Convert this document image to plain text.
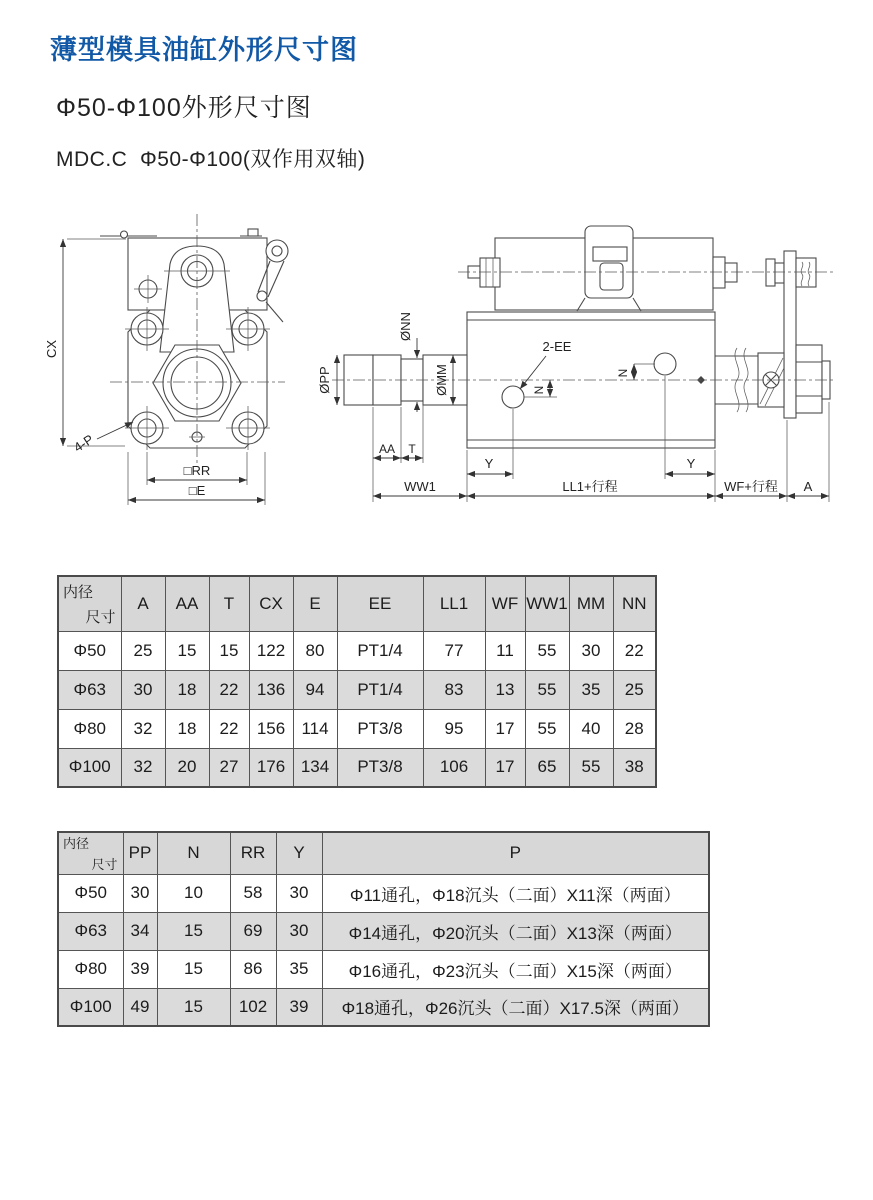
薄型模具油缸外形尺寸图
Φ50-Φ100外形尺寸图
MDC.C  Φ50-Φ100(双作用双轴)
CX
4-P
□RR
□E
ØPP
ØNN
ØMM
2-EE
N
N
AA T
Y	Y
WW1	LL1+行程	WF+行程 A
尺寸
内径	A	AA	T	CX	E	EE	LL1	WF	WW1	MM	NN
Φ50	25	15	15	122	80	PT1/4	77	11	55	30	22
Φ63	30	18	22	136	94	PT1/4	83	13	55	35	25
Φ80	32	18	22	156	114	PT3/8	95	17	55	40	28
Φ100	32	20	27	176	134	PT3/8	106	17	65	55	38
尺寸
内径	PP	N	RR	Y	P
Φ50	30	10	58	30	Φ11通孔，Φ18沉头（二面）X11深（两面）
Φ63	34	15	69	30	Φ14通孔，Φ20沉头（二面）X13深（两面）
Φ80	39	15	86	35	Φ16通孔，Φ23沉头（二面）X15深（两面）
Φ100	49	15	102	39	Φ18通孔，Φ26沉头（二面）X17.5深（两面）
